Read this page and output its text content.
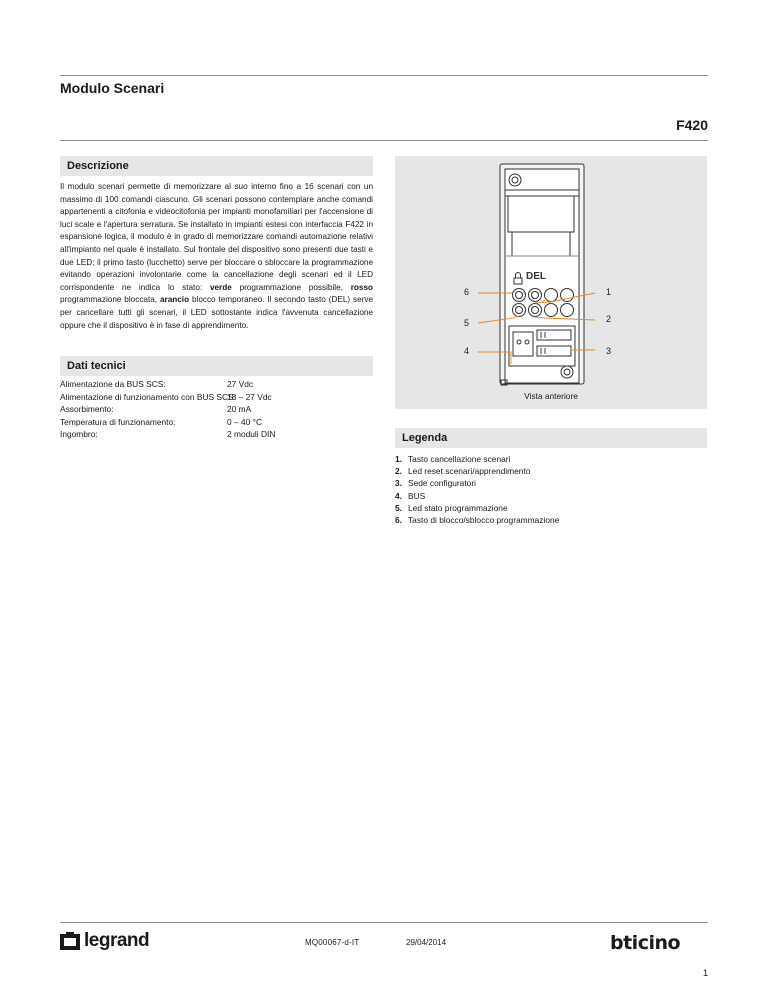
Modulo Scenari
F420
Descrizione
Il modulo scenari permette di memorizzare al suo interno fino a 16 scenari con un massimo di 100 comandi ciascuno. Gli scenari possono contemplare anche comandi appartenenti a citofonia e videocitofonia per impianti monofamiliari per l'accensione di luci scale e l'apertura serratura. Se installato in impianti estesi con interfaccia F422 in espansione logica, il modulo è in grado di memorizzare comandi automazione relativi all'impianto nel quale è installato. Sul frontale del dispositivo sono presenti due tasti e due LED; il primo tasto (lucchetto) serve per bloccare o sbloccare la programmazione evitando operazioni involontarie come la cancellazione degli scenari ed il LED corrispondente ne indica lo stato: verde programmazione possibile, rosso programmazione bloccata, arancio blocco temporaneo. Il secondo tasto (DEL) serve per cancellare tutti gli scenari, il LED sottostante indica l'avvenuta cancellazione oppure che il dispositivo è in fase di apprendimento.
Dati tecnici
Alimentazione da BUS SCS:	27 Vdc
Alimentazione di funzionamento con BUS SCS:
18 – 27 Vdc
Assorbimento:	20 mA
Temperatura di funzionamento:	0 – 40 °C
Ingombro:	2 moduli DIN
DEL
6	1
2
5
4	3
Vista anteriore
Legenda
1. Tasto cancellazione scenari
2. Led reset scenari/apprendimento
3. Sede configuratori
4. BUS
5. Led stato programmazione
6. Tasto di blocco/sblocco programmazione
legrand	MQ00067-d-IT	29/04/2014	bticino
1
